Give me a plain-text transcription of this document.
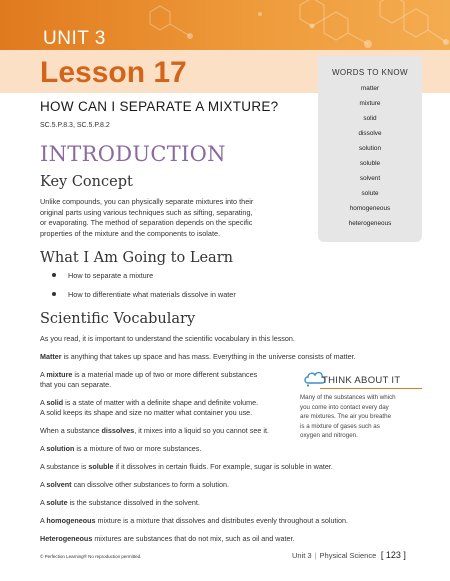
UNIT 3
Lesson 17
HOW CAN I SEPARATE A MIXTURE?
SC.5.P.8.3, SC.5.P.8.2
INTRODUCTION
Key Concept
Unlike compounds, you can physically separate mixtures into their
original parts using various techniques such as sifting, separating,
or evaporating. The method of separation depends on the specific
properties of the mixture and the components to isolate.
What I Am Going to Learn
How to separate a mixture
How to differentiate what materials dissolve in water
Scientific Vocabulary
As you read, it is important to understand the scientific vocabulary in this lesson.
Matter is anything that takes up space and has mass. Everything in the universe consists of matter.
A mixture is a material made up of two or more different substances
that you can separate.
A solid is a state of matter with a definite shape and definite volume.
A solid keeps its shape and size no matter what container you use.
When a substance dissolves, it mixes into a liquid so you cannot see it.
A solution is a mixture of two or more substances.
A substance is soluble if it dissolves in certain fluids. For example, sugar is soluble in water.
A solvent can dissolve other substances to form a solution.
A solute is the substance dissolved in the solvent.
A homogeneous mixture is a mixture that dissolves and distributes evenly throughout a solution.
Heterogeneous mixtures are substances that do not mix, such as oil and water.
WORDS TO KNOW
matter
mixture
solid
dissolve
solution
soluble
solvent
solute
homogeneous
heterogeneous
THINK ABOUT IT
Many of the substances with which
you come into contact every day
are mixtures. The air you breathe
is a mixture of gases such as
oxygen and nitrogen.
© Perfection Learning® No reproduction permitted.	Unit 3 | Physical Science  [ 123 ]
